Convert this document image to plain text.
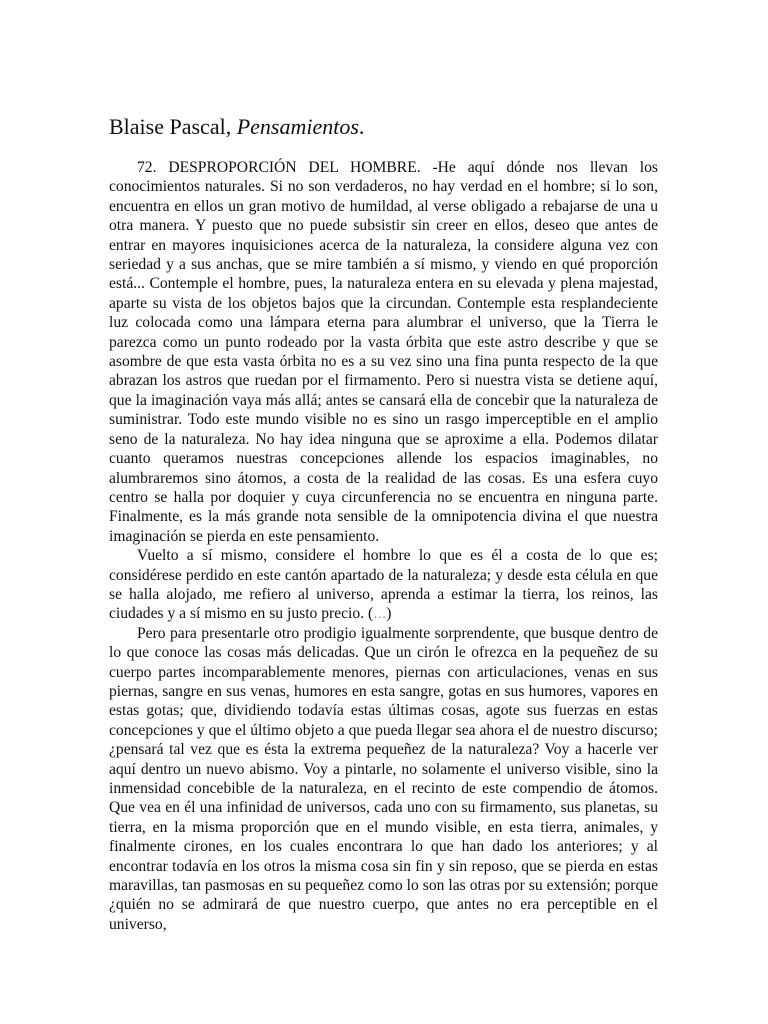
Blaise Pascal, Pensamientos.

72. DESPROPORCIÓN DEL HOMBRE. -He aquí dónde nos llevan los conocimientos naturales. Si no son verdaderos, no hay verdad en el hombre; si lo son, encuentra en ellos un gran motivo de humildad, al verse obligado a rebajarse de una u otra manera. Y puesto que no puede subsistir sin creer en ellos, deseo que antes de entrar en mayores inquisiciones acerca de la naturaleza, la considere alguna vez con seriedad y a sus anchas, que se mire también a sí mismo, y viendo en qué proporción está... Contemple el hombre, pues, la naturaleza entera en su elevada y plena majestad, aparte su vista de los objetos bajos que la circundan. Contemple esta resplandeciente luz colocada como una lámpara eterna para alumbrar el universo, que la Tierra le parezca como un punto rodeado por la vasta órbita que este astro describe y que se asombre de que esta vasta órbita no es a su vez sino una fina punta respecto de la que abrazan los astros que ruedan por el firmamento. Pero si nuestra vista se detiene aquí, que la imaginación vaya más allá; antes se cansará ella de concebir que la naturaleza de suministrar. Todo este mundo visible no es sino un rasgo imperceptible en el amplio seno de la naturaleza. No hay idea ninguna que se aproxime a ella. Podemos dilatar cuanto queramos nuestras concepciones allende los espacios imaginables, no alumbraremos sino átomos, a costa de la realidad de las cosas. Es una esfera cuyo centro se halla por doquier y cuya circunferencia no se encuentra en ninguna parte. Finalmente, es la más grande nota sensible de la omnipotencia divina el que nuestra imaginación se pierda en este pensamiento.

Vuelto a sí mismo, considere el hombre lo que es él a costa de lo que es; considérese perdido en este cantón apartado de la naturaleza; y desde esta célula en que se halla alojado, me refiero al universo, aprenda a estimar la tierra, los reinos, las ciudades y a sí mismo en su justo precio. (…)

Pero para presentarle otro prodigio igualmente sorprendente, que busque dentro de lo que conoce las cosas más delicadas. Que un cirón le ofrezca en la pequeñez de su cuerpo partes incomparablemente menores, piernas con articulaciones, venas en sus piernas, sangre en sus venas, humores en esta sangre, gotas en sus humores, vapores en estas gotas; que, dividiendo todavía estas últimas cosas, agote sus fuerzas en estas concepciones y que el último objeto a que pueda llegar sea ahora el de nuestro discurso; ¿pensará tal vez que es ésta la extrema pequeñez de la naturaleza? Voy a hacerle ver aquí dentro un nuevo abismo. Voy a pintarle, no solamente el universo visible, sino la inmensidad concebible de la naturaleza, en el recinto de este compendio de átomos. Que vea en él una infinidad de universos, cada uno con su firmamento, sus planetas, su tierra, en la misma proporción que en el mundo visible, en esta tierra, animales, y finalmente cirones, en los cuales encontrara lo que han dado los anteriores; y al encontrar todavía en los otros la misma cosa sin fin y sin reposo, que se pierda en estas maravillas, tan pasmosas en su pequeñez como lo son las otras por su extensión; porque ¿quién no se admirará de que nuestro cuerpo, que antes no era perceptible en el universo,
